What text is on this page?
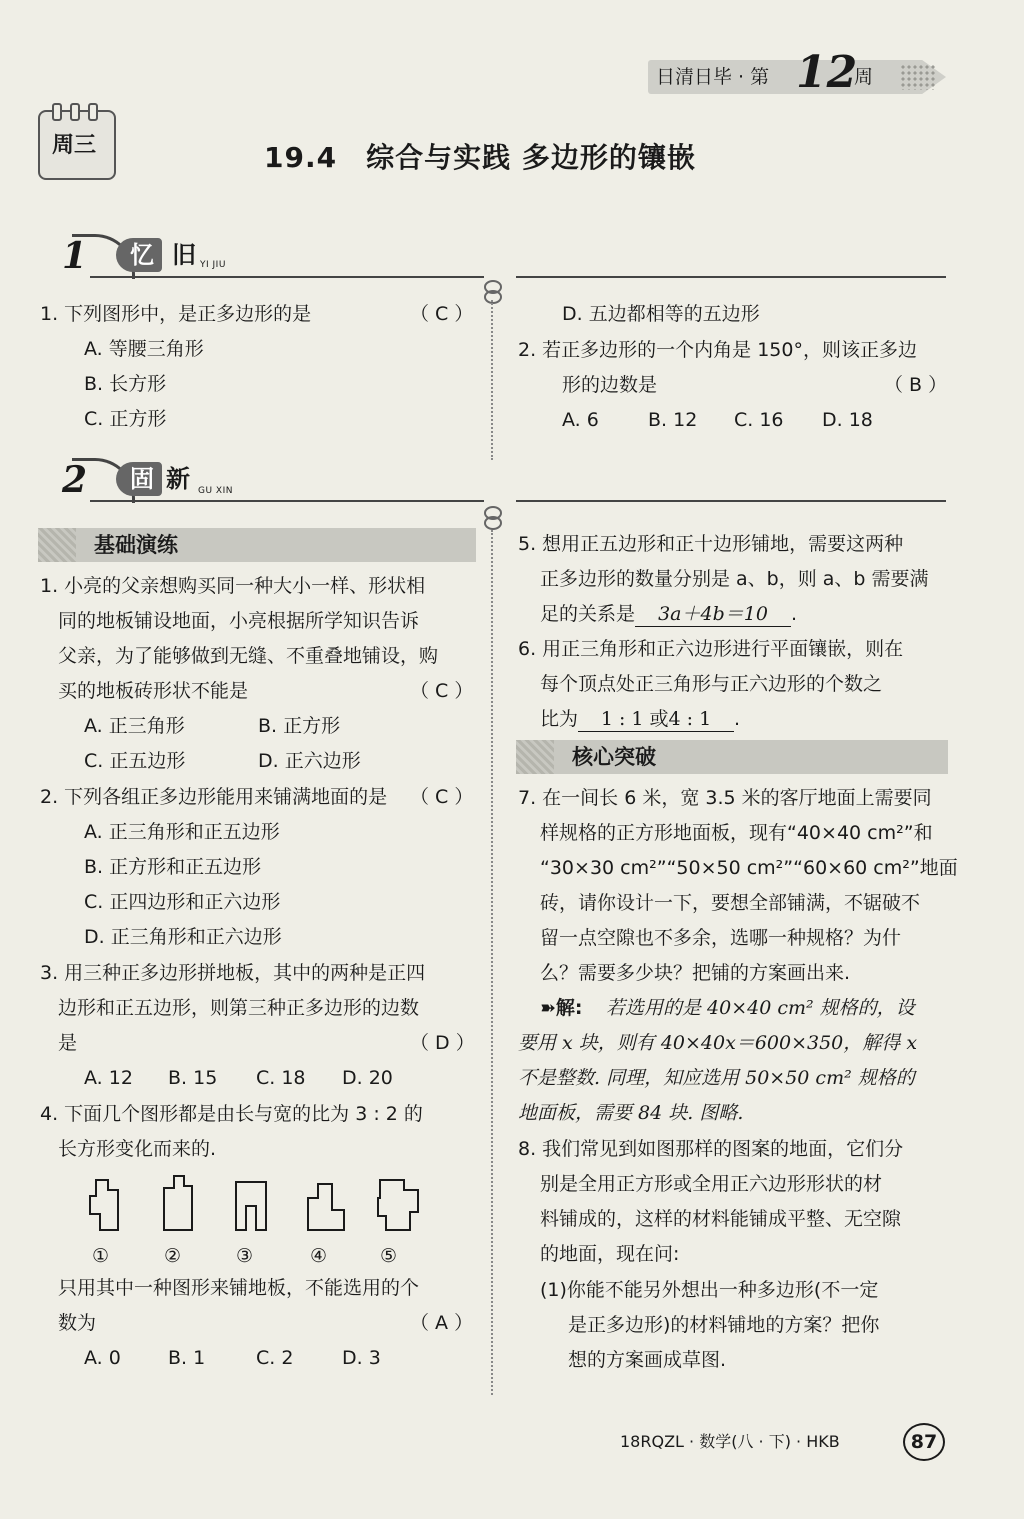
日清日毕 · 第 12
周
周三	19.4　综合与实践 多边形的镶嵌
1	忆 旧 YI JIU
1. 下列图形中，是正多边形的是	（ C ）
A. 等腰三角形
B. 长方形
C. 正方形
D. 五边都相等的五边形
2. 若正多边形的一个内角是 150°，则该正多边
形的边数是	（ B ）
A. 6	B. 12 C. 16 D. 18
2	固 新 GU XIN
基础演练
1. 小亮的父亲想购买同一种大小一样、形状相
同的地板铺设地面，小亮根据所学知识告诉
父亲，为了能够做到无缝、不重叠地铺设，购
买的地板砖形状不能是	（ C ）
A. 正三角形	B. 正方形
C. 正五边形	D. 正六边形
2. 下列各组正多边形能用来铺满地面的是 （ C ）
A. 正三角形和正五边形
B. 正方形和正五边形
C. 正四边形和正六边形
D. 正三角形和正六边形
3. 用三种正多边形拼地板，其中的两种是正四
边形和正五边形，则第三种正多边形的边数
是	（ D ）
A. 12 B. 15 C. 18 D. 20
4. 下面几个图形都是由长与宽的比为 3 : 2 的
长方形变化而来的.
①	②	③	④	⑤
只用其中一种图形来铺地板，不能选用的个
数为	（ A ）
A. 0 B. 1	C. 2	D. 3
5. 想用正五边形和正十边形铺地，需要这两种
正多边形的数量分别是 a、b，则 a、b 需要满
足的关系是 3a＋4b＝10 .
6. 用正三角形和正六边形进行平面镶嵌，则在
每个顶点处正三角形与正六边形的个数之
比为 1 : 1 或4 : 1 .
核心突破
7. 在一间长 6 米，宽 3.5 米的客厅地面上需要同
样规格的正方形地面板，现有“40×40 cm²”和
“30×30 cm²”“50×50 cm²”“60×60 cm²”地面
砖，请你设计一下，要想全部铺满，不锯破不
留一点空隙也不多余，选哪一种规格？为什
么？需要多少块？把铺的方案画出来.
➽解: 若选用的是 40×40 cm² 规格的，设
要用 x 块，则有 40×40x＝600×350，解得 x
不是整数. 同理，知应选用 50×50 cm² 规格的
地面板，需要 84 块. 图略.
8. 我们常见到如图那样的图案的地面，它们分
别是全用正方形或全用正六边形形状的材
料铺成的，这样的材料能铺成平整、无空隙
的地面，现在问:
(1)你能不能另外想出一种多边形(不一定
是正多边形)的材料铺地的方案？把你
想的方案画成草图.
18RQZL · 数学(八 · 下) · HKB	87
